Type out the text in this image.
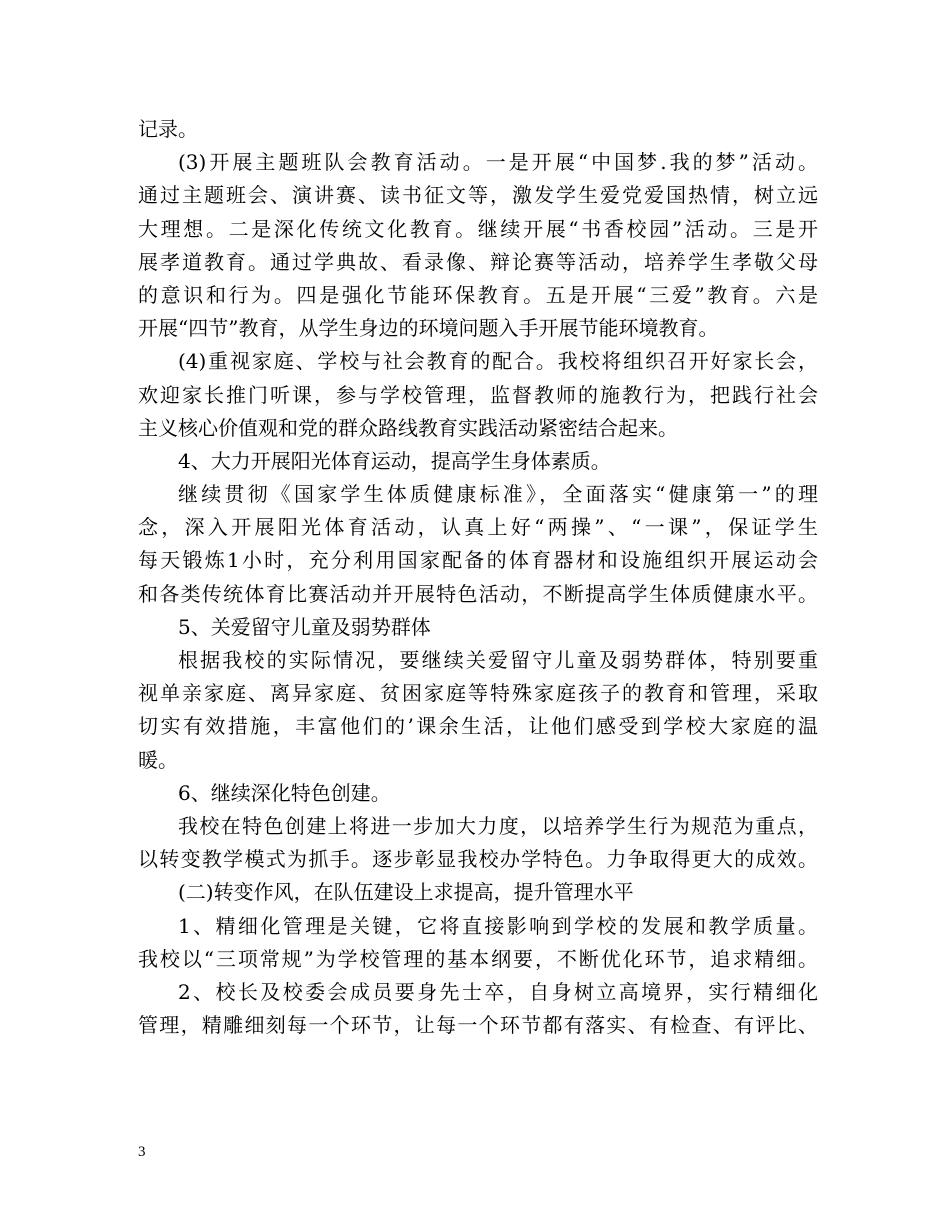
记录。
(3)开展主题班队会教育活动。一是开展“中国梦.我的梦”活动。
通过主题班会、演讲赛、读书征文等，激发学生爱党爱国热情，树立远
大理想。二是深化传统文化教育。继续开展“书香校园”活动。三是开
展孝道教育。通过学典故、看录像、辩论赛等活动，培养学生孝敬父母
的意识和行为。四是强化节能环保教育。五是开展“三爱”教育。六是
开展“四节”教育，从学生身边的环境问题入手开展节能环境教育。
(4)重视家庭、学校与社会教育的配合。我校将组织召开好家长会，
欢迎家长推门听课，参与学校管理，监督教师的施教行为，把践行社会
主义核心价值观和党的群众路线教育实践活动紧密结合起来。
4、大力开展阳光体育运动，提高学生身体素质。
继续贯彻《国家学生体质健康标准》，全面落实“健康第一”的理
念，深入开展阳光体育活动，认真上好“两操”、“一课”，保证学生
每天锻炼1小时，充分利用国家配备的体育器材和设施组织开展运动会
和各类传统体育比赛活动并开展特色活动，不断提高学生体质健康水平。
5、关爱留守儿童及弱势群体
根据我校的实际情况，要继续关爱留守儿童及弱势群体，特别要重
视单亲家庭、离异家庭、贫困家庭等特殊家庭孩子的教育和管理，采取
切实有效措施，丰富他们的’课余生活，让他们感受到学校大家庭的温
暖。
6、继续深化特色创建。
我校在特色创建上将进一步加大力度，以培养学生行为规范为重点，
以转变教学模式为抓手。逐步彰显我校办学特色。力争取得更大的成效。
(二)转变作风，在队伍建设上求提高，提升管理水平
1、精细化管理是关键，它将直接影响到学校的发展和教学质量。
我校以“三项常规”为学校管理的基本纲要，不断优化环节，追求精细。
2、校长及校委会成员要身先士卒，自身树立高境界，实行精细化
管理，精雕细刻每一个环节，让每一个环节都有落实、有检查、有评比、
3
